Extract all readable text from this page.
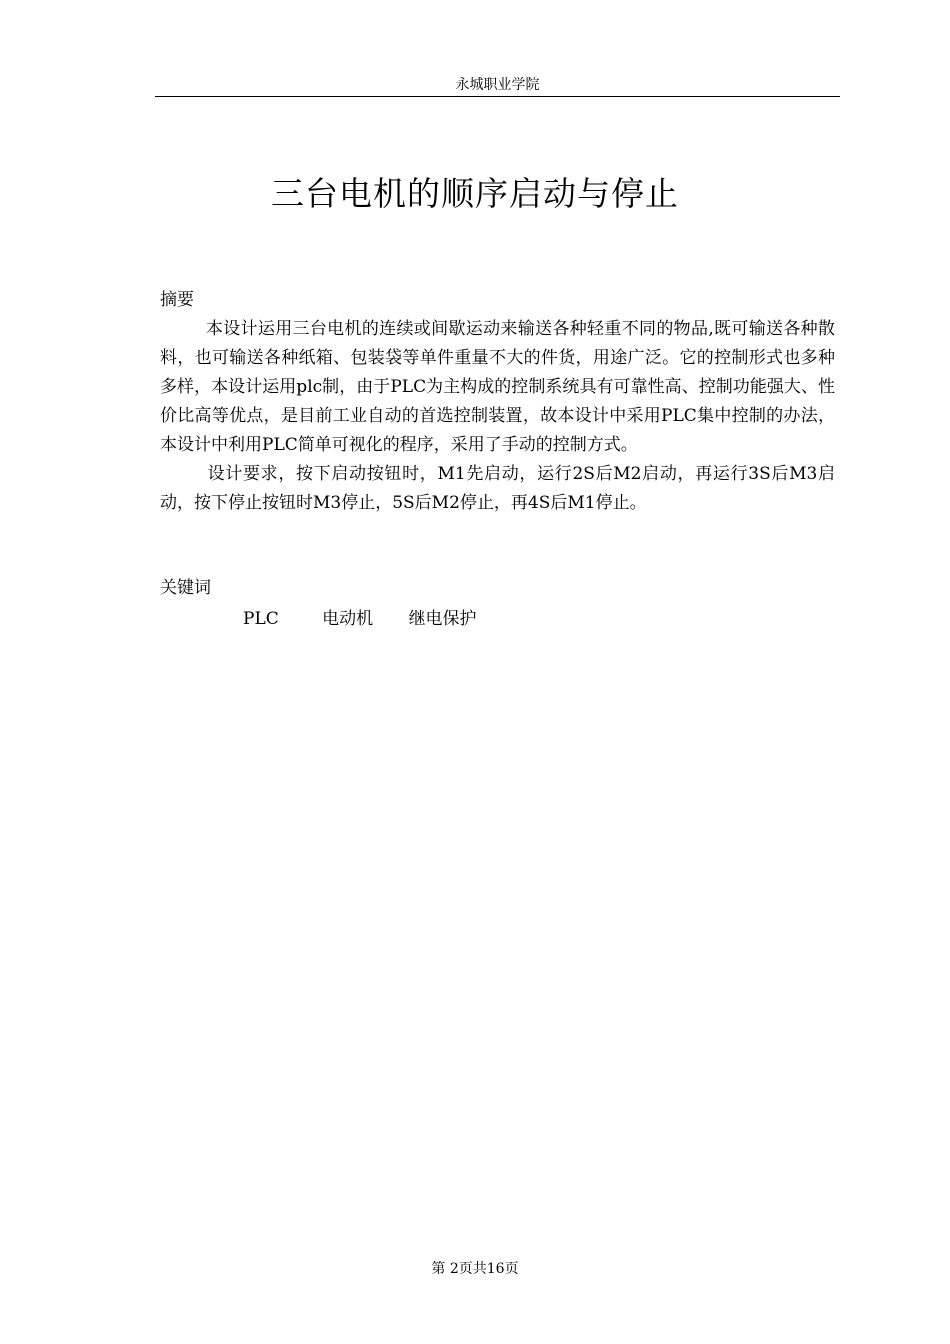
永城职业学院
三台电机的顺序启动与停止
摘要

本设计运用三台电机的连续或间歇运动来输送各种轻重不同的物品,既可输送各种散料，也可输送各种纸箱、包装袋等单件重量不大的件货，用途广泛。它的控制形式也多种多样，本设计运用plc制，由于PLC为主构成的控制系统具有可靠性高、控制功能强大、性价比高等优点，是目前工业自动的首选控制装置，故本设计中采用PLC集中控制的办法，本设计中利用PLC简单可视化的程序，采用了手动的控制方式。

设计要求，按下启动按钮时，M1先启动，运行2S后M2启动，再运行3S后M3启动，按下停止按钮时M3停止，5S后M2停止，再4S后M1停止。

关键词
PLC	电动机 继电保护
第 2页共16页
